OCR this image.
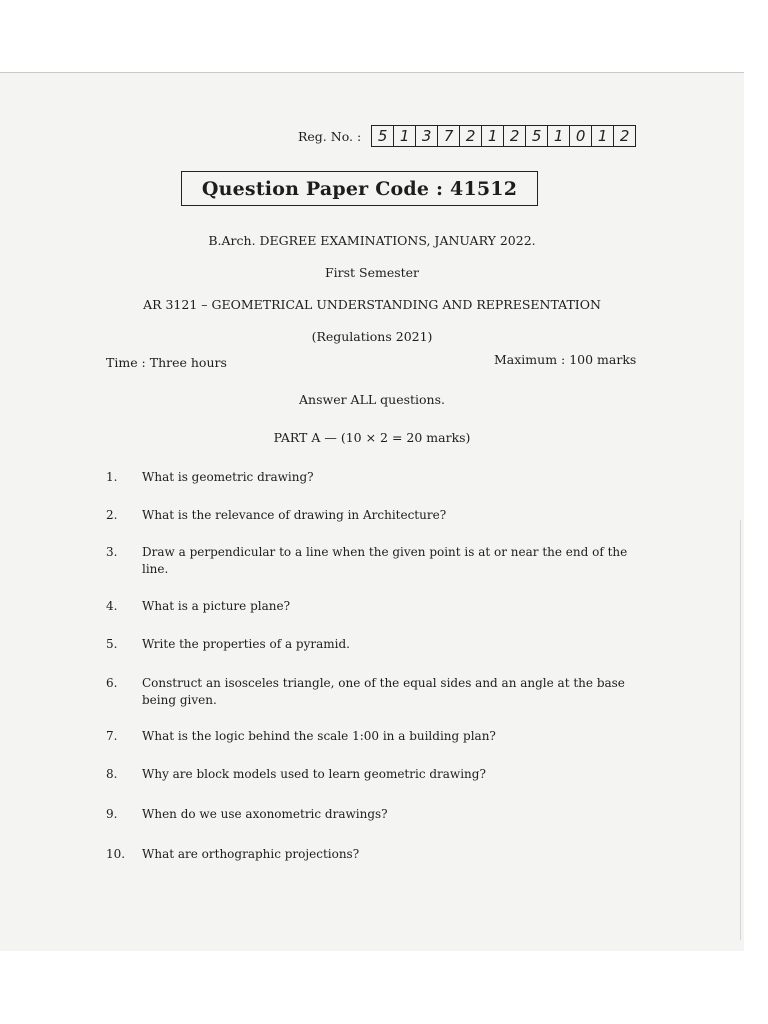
Reg. No. :	5 1 3 7 2 1 2 5 1 0 1 2
Question Paper Code : 41512
B.Arch. DEGREE EXAMINATIONS, JANUARY 2022.
First Semester
AR 3121 – GEOMETRICAL UNDERSTANDING AND REPRESENTATION
(Regulations 2021)
Time : Three hours	Maximum : 100 marks
Answer ALL questions.
PART A — (10 × 2 = 20 marks)
1.	What is geometric drawing?
2.	What is the relevance of drawing in Architecture?
3.	Draw a perpendicular to a line when the given point is at or near the end of the line.
4.	What is a picture plane?
5.	Write the properties of a pyramid.
6.	Construct an isosceles triangle, one of the equal sides and an angle at the base being given.
7.	What is the logic behind the scale 1:00 in a building plan?
8.	Why are block models used to learn geometric drawing?
9.	When do we use axonometric drawings?
10.	What are orthographic projections?
